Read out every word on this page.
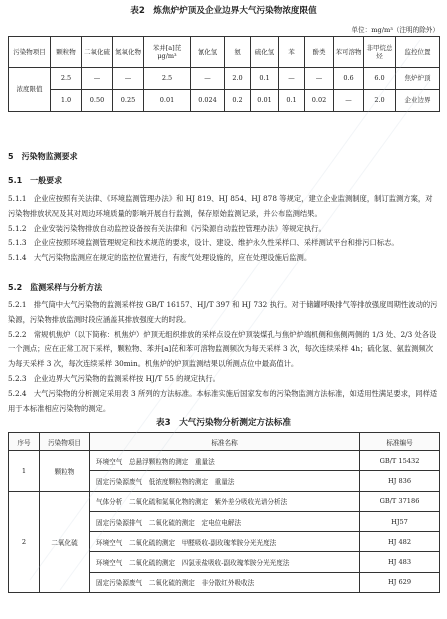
表2　炼焦炉炉顶及企业边界大气污染物浓度限值
单位：mg/m³（注明的除外）
污染物项目	颗粒物	二氧化硫	氮氧化物	苯并[a]芘 μg/m³	氰化氢	氨	硫化氢	苯	酚类	苯可溶物	非甲烷总烃	监控位置
浓度限值	2.5	—	—	2.5	—	2.0	0.1	—	—	0.6	6.0	焦炉炉顶
	1.0	0.50	0.25	0.01	0.024	0.2	0.01	0.1	0.02	—	2.0	企业边界
5　污染物监测要求
5.1　一般要求

5.1.1　企业应按照有关法律、《环境监测管理办法》和 HJ 819、HJ 854、HJ 878 等规定，建立企业监测制度，制订监测方案，对污染物排放状况及其对周边环境质量的影响开展自行监测，保存原始监测记录，并公布监测结果。

5.1.2　企业安装污染物排放自动监控设备按有关法律和《污染源自动监控管理办法》等规定执行。

5.1.3　企业应按照环境监测管理规定和技术规范的要求，设计、建设、维护永久性采样口、采样测试平台和排污口标志。

5.1.4　大气污染物监测应在规定的监控位置进行，有废气处理设施的，应在处理设施后监测。

5.2　监测采样与分析方法

5.2.1　排气筒中大气污染物的监测采样按 GB/T 16157、HJ/T 397 和 HJ 732 执行。对于储罐呼吸排气等排放强度周期性波动的污染源，污染物排放监测时段应涵盖其排放强度大的时段。

5.2.2　常规机焦炉（以下简称：机焦炉）炉顶无组织排放的采样点设在炉顶装煤孔与焦炉炉端机侧和焦侧两侧的 1/3 处、2/3 处各设一个测点；应在正常工况下采样，颗粒物、苯并[a]芘和苯可溶物监测频次为每天采样 3 次，每次连续采样 4h；硫化氢、氨监测频次为每天采样 3 次，每次连续采样 30min。机焦炉的炉顶监测结果以所测点位中最高值计。

5.2.3　企业边界大气污染物的监测采样按 HJ/T 55 的规定执行。

5.2.4　大气污染物的分析测定采用表 3 所列的方法标准。本标准实施后国家发布的污染物监测方法标准，如适用性满足要求，同样适用于本标准相应污染物的测定。

表3　大气污染物分析测定方法标准
序号	污染物项目	标准名称	标准编号
1	颗粒物	环境空气　总悬浮颗粒物的测定　重量法	GB/T 15432
		固定污染源废气　低浓度颗粒物的测定　重量法	HJ 836
2	二氧化硫	气体分析　二氧化硫和氮氧化物的测定　紫外差分吸收光谱分析法	GB/T 37186
		固定污染源排气　二氧化硫的测定　定电位电解法	HJ57
		环境空气　二氧化硫的测定　甲醛吸收-副玫瑰苯胺分光光度法	HJ 482
		环境空气　二氧化硫的测定　四氯汞盐吸收-副玫瑰苯胺分光光度法	HJ 483
		固定污染源废气　二氧化硫的测定　非分散红外吸收法	HJ 629
